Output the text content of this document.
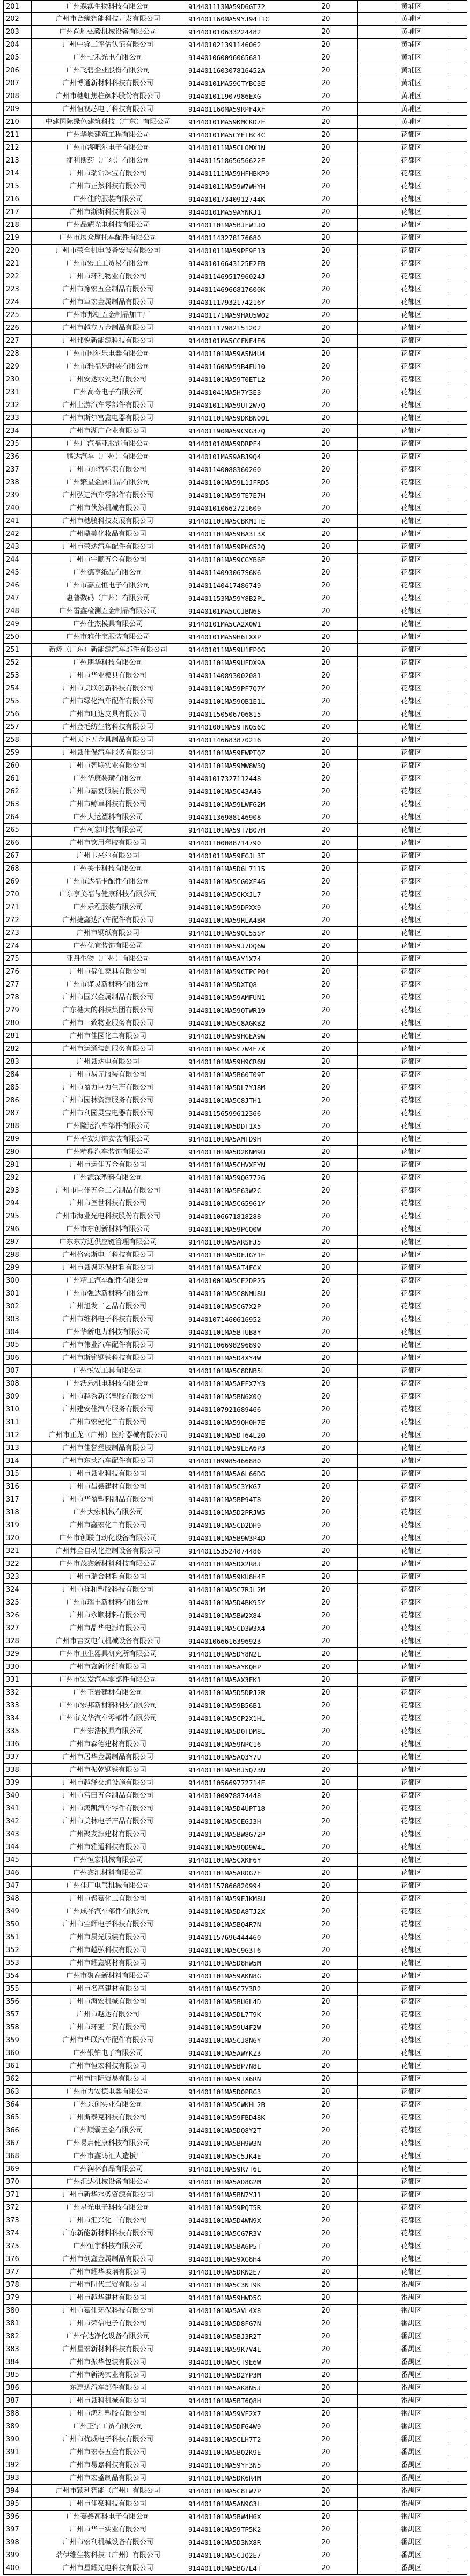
201	广州森澳生物科技有限公司	914401113MA59D6GT72	20	黄埔区
202	广州市合缘智能科技开发有限公司	914401160MA59YJ94T1C	20	黄埔区
203	广州尚胜弘毅机械设备有限公司	914401010633224482	20	黄埔区
204	广州中铨工评估认证有限公司	914401021391146062	20	黄埔区
205	广州七禾光电有限公司	914401060096065681	20	黄埔区
206	广州飞碧企业股份有限公司	914401160307816452A	20	黄埔区
207	广州博通新材料科技有限公司	91440101MA59CTYBC3E	20	黄埔区
208	广州市穗虹焦柱颜料股份有限公司	914401011907986EXG	20	黄埔区
209	广州恒视芯电子科技有限公司	914401160MA59RPF4XF	20	黄埔区
210	中建国际绿色建筑科技（广东）有限公司	91440101MA59KMCKD7E	20	黄埔区
211	广州华巍建筑工程有限公司	91440101MA5CYETBC4C	20	花都区
212	广州市海吧尔电子有限公司	914401011MA5CLOMX1N	20	花都区
213	捷利斯药（广东）有限公司	914401151865656622F	20	花都区
214	广州市瑞钻珠宝有限公司	914401111MA59HFHBKP0	20	花都区
215	广州市正然科技有限公司	914401011MA59W7WHYH	20	花都区
216	广州佳的服装有限公司	914401017340912744K	20	花都区
217	广州市渐斯科技有限公司	91440101MA59AYNKJ1	20	花都区
218	广州品耀光电科技有限公司	914401101MA5BJFW1J0	20	花都区
219	广州市展众摩托车配件有限公司	914401143278176680	20	花都区
220	广州市荣全机电设备安装有限公司	914401011MA59PF9E13	20	花都区
221	广州市宏工工贸易有限公司	914401016643125E2FB	20	花都区
222	广州市环利物业有限公司	914401146951796024J	20	花都区
223	广州市豫宏五金制品有限公司	914401146966817600K	20	花都区
224	广州市卓宏金属制品有限公司	914401117932174216Y	20	花都区
225	广州市邦虹五金制品加工厂	914401171MA59HAU5W02	20	花都区
226	广州市越立五金制品有限公司	914401117982151202	20	花都区
227	广州邦悦新能源科技有限公司	91440101MA5CCFNF4E6	20	花都区
228	广州市国尔乐电器有限公司	914401101MA59A5N4U4	20	花都区
229	广州市雅福乐时装有限公司	914401160MA59B4FU10	20	花都区
230	广州安达水处理有限公司	914401101MA59T0ETL2	20	花都区
231	广州高奇电子有限公司	914401041MA5H7Y3E3	20	花都区
232	广州上游汽车零部件有限公司	914401011MA59UT2W7Q	20	花都区
233	广州市斯尔富鑫电器有限公司	914401101MA59DKBN00L	20	花都区
234	广州市湖广企业有限公司	914401190MA59C9G37Q	20	花都区
235	广州广汽福亚服饰有限公司	914401010MA59DRPF4	20	花都区
236	鹏达汽车（广州）有限公司	91440101MA59ABJ9Q4	20	花都区
237	广州市东宫标识有限公司	914401140088360260	20	花都区
238	广州繁星金属制品有限公司	914401101MA59L1JFRD5	20	花都区
239	广州弘进汽车零部件有限公司	914401101MA59TE7E7H	20	花都区
240	广州市伙然机械有限公司	914401010662721609	20	花都区
241	广州市穗骏科技发展有限公司	914401101MA5CBKM1TE	20	花都区
242	广州鼎美化妆品有限公司	914401101MA59BA3T3X	20	花都区
243	广州市荣达汽车配件有限公司	914401101MA59PHG52Q	20	花都区
244	广州市宇顺五金有限公司	914401101MA59CGYB6E	20	花都区
245	广州德亨纸品有限公司	91440114093067S6K6	20	花都区
246	广州市嘉立恒电子有限公司	914401140417486749	20	花都区
247	惠普数码（广州）有限公司	914401153MA59Y8B2PL	20	花都区
248	广州雷鑫检测五金制品有限公司	91440101MA5CCJBN6S	20	花都区
249	广州仕杰模具有限公司	91440101MA5CA2X0W1	20	花都区
250	广州市雅仕宝服装有限公司	91440101MA59H6TXXP	20	花都区
251	新翊（广东）新能源汽车部件有限公司	914401011MA59U1FP0G	20	花都区
252	广州朋华科技有限公司	914401101MA59UFDX9A	20	花都区
253	广州市华业模具有限公司	914401140893002081	20	花都区
254	广州市美联创新科技有限公司	914401101MA59PF7Q7Y	20	花都区
255	广州市绿化汽车配件有限公司	914401101MA59QB1E1L	20	花都区
256	广州市旺达皮具有限公司	914401150506706815	20	花都区
257	广州金毛纺生物科技有限公司	914401001MA59TNQ56C	20	花都区
258	广州天下五金具制品有限公司	914401146683870216	20	花都区
259	广州鑫仕保汽车服务有限公司	914401101MA59EWPTQZ	20	花都区
260	广州市智联实业有限公司	914401101MA59MW8W3Q	20	花都区
261	广州华康装璜有限公司	914401017327112448	20	花都区
262	广州市嘉宴服装有限公司	914401101MA5C43A4G	20	花都区
263	广州市鲸卓科技有限公司	914401101MA59LWFG2M	20	花都区
264	广州大运塑料有限公司	914401136988146908	20	花都区
265	广州柯宏时装有限公司	914401101MA59T7B07H	20	花都区
266	广州市饮用塑胶有限公司	914401100088714790	20	花都区
267	广州卡来尔有限公司	914401011MA59FGJL3T	20	花都区
268	广州关卡科技有限公司	914401101MA5D6L7115	20	花都区
269	广州市达福卡配件有限公司	914401101MA5CG0XF46	20	花都区
270	广东亨美福与健康科技有限公司	914401101MA5CKXJL7	20	花都区
271	广州乐程服装有限公司	914401101MA59DPXX9	20	花都区
272	广州捷鑫达汽车配件有限公司	914401101MA59RLA4BR	20	花都区
273	广州市钢纸有限公司	914401101MA590L55SY	20	花都区
274	广州优宜装饰有限公司	914401101MA59J7DQ6W	20	花都区
275	亚丹生物（广州）有限公司	914401101MA5AY1X74	20	花都区
276	广州市福仙家具有限公司	914401101MA59CTPCP04	20	花都区
277	广州市谨灵新材料有限公司	914401101MA5DXTQ8	20	花都区
278	广州市国兴金属制品有限公司	914401101MA59AMFUN1	20	花都区
279	广东穗大的科技集团有限公司	914401101MA59QTWR19	20	花都区
280	广州市一致物业服务有限公司	914401101MA5C8AGKB2	20	花都区
281	广州市佳园化工有限公司	914401101MA59HGEA9W	20	花都区
282	广州市运通装卸服务有限公司	914401101MA5C7W4E7X	20	花都区
283	广州鑫达电有限公司	914401101MA59H9CR6N	20	花都区
284	广州市易元服装有限公司	914401101MA5B60T09T	20	花都区
285	广州市盈力巨力生产有限公司	914401101MA5DL7YJ8M	20	花都区
286	广州市园林资源服务有限公司	914401101MA5C8JTH1	20	花都区
287	广州市利园灵宝电器有限公司	914401156599612366	20	花都区
288	广州隆运汽车部件有限公司	914401101MA5DDT1X5	20	花都区
289	广州平安灯饰安装有限公司	914401101MA5AMTD9H	20	花都区
290	广州精鼎汽车装饰有限公司	914401101MA5D2KNM9U	20	花都区
291	广州市运佳五金有限公司	914401101MA5CHVXFYN	20	花都区
292	广州源深塑料有限公司	914401101MA59QG7726	20	花都区
293	广州市巨佳五金工艺制品有限公司	914401101MA5E63W2C	20	花都区
294	广州市圣世科技有限公司	914401101MA5CG59G1Y	20	花都区
295	广州市海业光电科技股份有限公司	914401106671818288	20	花都区
296	广州市东创新材料有限公司	914401101MA59PCQ0W	20	花都区
297	广东东方通供应链管理有限公司	914401101MA5ARSFJ5	20	花都区
298	广州格索斯电子科技有限公司	914401101MA5DFJGY1E	20	花都区
299	广州市鑫聚环保材料有限公司	914401101MA5AT4FGX	20	花都区
300	广州精工汽车配件有限公司	914401001MA5CE2DP25	20	花都区
301	广州市强达新材料有限公司	914401101MA5C8NMU8U	20	花都区
302	广州旭发工艺品有限公司	914401101MA5CG7X2P	20	花都区
303	广州市维科电子科技有限公司	914401071460616952	20	花都区
304	广州华新电力科技有限公司	914401101MA5BTUB8Y	20	花都区
305	广州市伟业汽车配件有限公司	914401106698296890	20	花都区
306	广州市斯铭钢铁科技有限公司	914401101MA5D4XY4W	20	花都区
307	广州悦安工具有限公司	914401101MA5C8DNB5L	20	花都区
308	广州沃乐机电科技有限公司	914401101MA5AEFX7Y3	20	花都区
309	广州市越秀新兴塑胶有限公司	914401101MA5BN6X0Q	20	花都区
310	广州建安佳汽车服务有限公司	914401107921689466	20	花都区
311	广州市宏健化工有限公司	914401101MA59QH0H7E	20	花都区
312	广州市正龙（广州）医疗器械有限公司	914401101MA5DT64L20	20	花都区
313	广州市佳誉塑胶制品有限公司	914401101MA59LEA6P3	20	花都区
314	广州市东莱汽车配件有限公司	914401109985466880	20	花都区
315	广州市鑫业科技有限公司	914401101MA5A6L66DG	20	花都区
316	广州市昌鑫建材有限公司	914401101MA5C3YKG7	20	花都区
317	广州市华盈塑料制品有限公司	914401101MA5BP94T8	20	花都区
318	广州大宏机械有限公司	914401101MA5D2PRJW5	20	花都区
319	广州市鑫宏化工有限公司	914401101MA5CD2DH9	20	花都区
320	广州市创联自动化设备有限公司	914401101MA5B9W3P4D	20	花都区
321	广州邦全自动化控制设备有限公司	914401153524874486	20	花都区
322	广州市茂鑫新材料科技有限公司	914401101MA5DX2R8J	20	花都区
323	广州市瑞合材料有限公司	914401101MA59KU8H4F	20	花都区
324	广州市祥和塑胶科技有限公司	914401101MA5C7RJL2M	20	花都区
325	广州市瑞丰新材料有限公司	914401101MA5D4BK95Y	20	花都区
326	广州市永顺材料有限公司	914401101MA5BW2X84	20	花都区
327	广州市晶华电源有限公司	914401101MA5CD3W3X4	20	花都区
328	广州市吉安电气机械设备有限公司	914401066616396923	20	花都区
329	广州市卫生器具研究所有限公司	914401101MA5DY8N2L	20	花都区
330	广州市鑫新化纤有限公司	914401101MA5AYKQHP	20	花都区
331	广州市宏发汽车零部件有限公司	914401101MA5AX3EK1	20	花都区
332	广州正岩建材有限公司	914401101MA5D5DPJ2R	20	花都区
333	广州市宏邦新材料科技有限公司	914401101MA59B56B1	20	花都区
334	广州市义华汽车零部件有限公司	914401101MA5CP2X1HL	20	花都区
335	广州宏浩模具有限公司	914401101MA5D0TDM8L	20	花都区
336	广州市森德建材有限公司	914401101MA59NPC16	20	花都区
337	广州市居华金属制品有限公司	914401101MA5AQ3Y7U	20	花都区
338	广州市振乾钢铁有限公司	914401101MA5BJ5Q73N	20	花都区
339	广州市越泽交通设施有限公司	914401105669772714E	20	花都区
340	广州市富田五金制品有限公司	914401100978874448	20	花都区
341	广州市鸿凯汽车零件有限公司	914401101MA5D4UPT18	20	花都区
342	广州市美林电子产品有限公司	914401101MA5CEGJ3H	20	花都区
343	广州聚友源建材有限公司	914401101MA5BW8G72P	20	花都区
344	广州市雅通科技有限公司	914401101MA59QD9W4L	20	花都区
345	广州恒宏机械有限公司	914401101MA5CXKF6Y	20	花都区
346	广州鑫汇材料有限公司	914401101MA5ARDG7E	20	花都区
347	广州佳厂电气机械有限公司	914401157866820994	20	花都区
348	广州市聚嘉化工有限公司	914401101MA59EJKM8U	20	花都区
349	广州成祥汽车部件有限公司	914401101MA5DA8TJ2X	20	花都区
350	广州市宝辉电子科技有限公司	914401101MA5BQ4R7N	20	花都区
351	广州市晨光服装有限公司	914401157696444460	20	花都区
352	广州市越弘科技有限公司	914401101MA5C9G3T6	20	花都区
353	广州市耀鑫钢材有限公司	914401101MA5D8HW5M	20	花都区
354	广州市聚高新材料有限公司	914401101MA59AKN8G	20	花都区
355	广州市名高建材有限公司	914401101MA5C7Y3R2	20	花都区
356	广州市海宏机械有限公司	914401101MA5BU6L4D	20	花都区
357	广州市越达有限公司	914401101MA5DL7T9K	20	花都区
358	广州市环亚工贸有限公司	914401101MA59U4F2W	20	花都区
359	广州市华联汽车配件有限公司	914401101MA5CJ8N6Y	20	花都区
360	广州银铂电子有限公司	914401101MA5AWYKZ3	20	花都区
361	广州市恒宏科技有限公司	914401101MA5BP7N8L	20	花都区
362	广州市国际贸易有限公司	914401101MA59TX6RN	20	花都区
363	广州市力安德电器有限公司	914401101MA5D0PRG3	20	花都区
364	广州东创实业有限公司	914401101MA5CWKHL2B	20	花都区
365	广州斯泰克科技有限公司	914401101MA59FBD48K	20	花都区
366	广州顺霸五金有限公司	914401101MA5DQ8Y2T	20	花都区
367	广州易启健康科技有限公司	914401101MA5BH9W3N	20	花都区
368	广州市鑫鸿汇人造板厂	914401101MA5C5JK4E	20	花都区
369	广州润林食品有限公司	914401101MA59R7T6L	20	花都区
370	广州汇达机械设备有限公司	914401101MA5AD8G2M	20	花都区
371	广州市新华水务资源有限公司	914401101MA5BN7YJ1	20	花都区
372	广州星光电子科技有限公司	914401101MA59PQT5R	20	花都区
373	广州市汇兴化工有限公司	914401101MA5D4WN9X	20	花都区
374	广东新能新材料科技有限公司	914401101MA5CG7R3V	20	花都区
375	广州恒宇科技有限公司	914401101MA5BA6P5T	20	花都区
376	广州市创鑫金属制品有限公司	914401101MA59XG8H4	20	花都区
377	广州市耀华玻璃有限公司	914401101MA5DKN2E7	20	花都区
378	广州市时代工贸有限公司	914401101MA5C3NT9K	20	番禺区
379	广州市越华建材有限公司	914401101MA59HWD5G	20	番禺区
380	广州市嘉仕环保科技有限公司	914401101MA5AVL4X8	20	番禺区
381	广州市荣信电子有限公司	914401101MA5D8FG7N	20	番禺区
382	广州怡达净化设备有限公司	914401101MA5BJ3R2T	20	番禺区
383	广州星宏新材料科技有限公司	914401101MA59K7V4L	20	番禺区
384	广州市振华包装有限公司	914401101MA5CT9E6W	20	番禺区
385	广州市新鸿实业有限公司	914401101MA5D2YP3M	20	番禺区
386	东惠达汽车部件有限公司	914401101MA5AK8N5J	20	番禺区
387	广州市鑫科机械有限公司	914401101MA5BT6Q8H	20	番禺区
388	广州市鸿利塑胶有限公司	914401101MA59VF2X7	20	番禺区
389	广州正宇工贸有限公司	914401101MA5DFG4W9	20	番禺区
390	广州市优威电子科技有限公司	914401101MA5CLH7T2	20	番禺区
391	广州市宏泰五金有限公司	914401101MA5BQ2K9E	20	番禺区
392	广州市易嘉科技有限公司	914401101MA59YF3N5	20	番禺区
393	广州市宏盛制品有限公司	914401101MA5DK6R4M	20	番禺区
394	广州市颖利智能（广州）有限公司	914401101MA5C8TW7P	20	番禺区
395	广州市佳豪科技有限公司	914401101MA5AN9G3L	20	番禺区
396	广州嘉鑫高科电子有限公司	914401101MA5BW4H6X	20	番禺区
397	广州市华丰实业有限公司	914401101MA59TP5K2	20	番禺区
398	广州市宏利机械设备有限公司	914401101MA5D3NX8R	20	番禺区
399	瑞伊维生物科技（广州）有限公司	914401101MA5CJQ2E7	20	番禺区
400	广州市星耀光电科技有限公司	914401101MA5BG7L4T	20	番禺区
